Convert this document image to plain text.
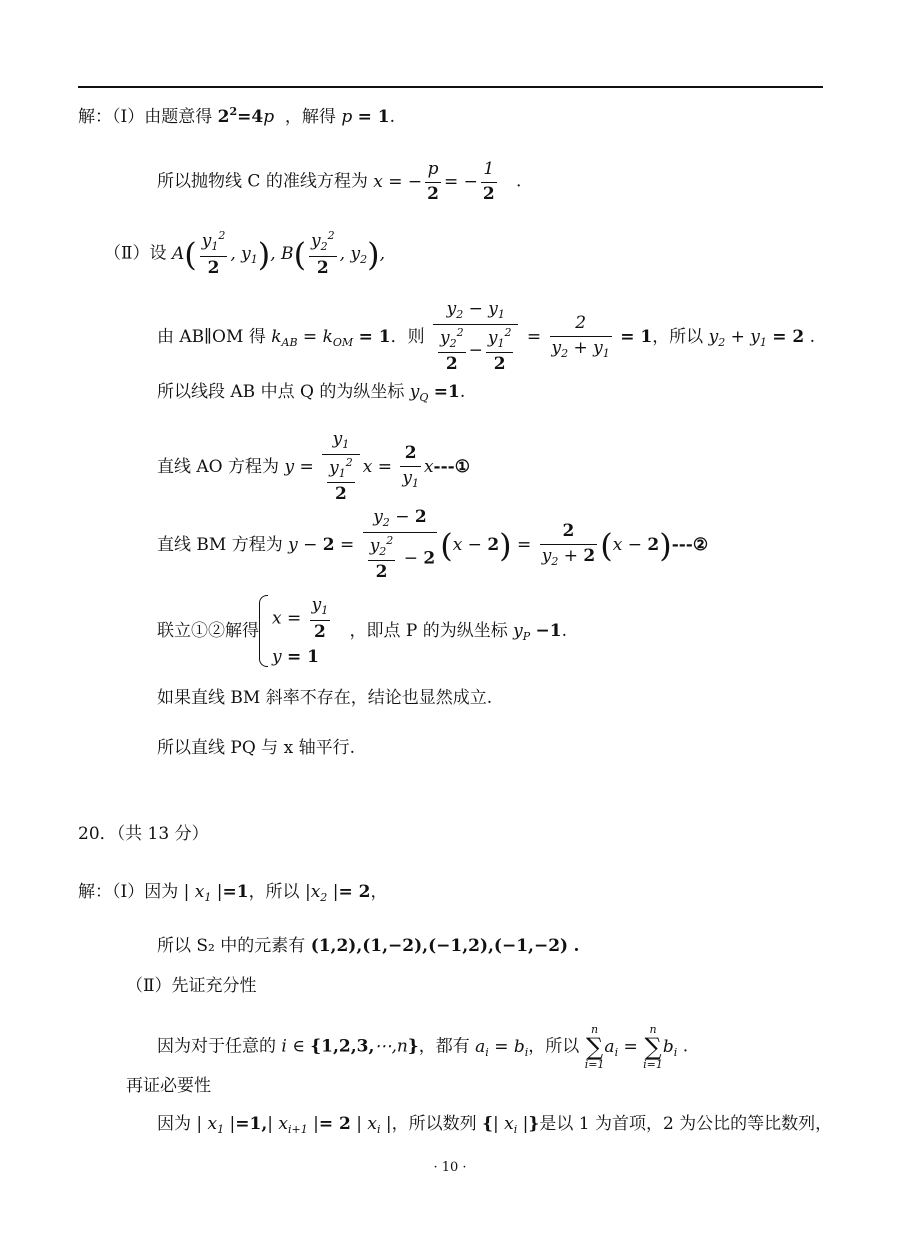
解：（Ⅰ）由题意得 $2^2=4p$ ，解得 p = 1.
所以抛物线 C 的准线方程为 x = − $\frac{p}{2}$ = − $\frac{1}{2}$ .
（Ⅱ）设 $A( \frac{y_1^2}{2}$ , $y_1$), $B( \frac{y_2^2}{2}$ , $y_2$),
由 AB∥OM 得 $k_{AB} = k_{OM} = 1$．则 $\frac{y_2 - y_1}{\frac{y_2^2}{2} - \frac{y_1^2}{2}} = \frac{2}{y_2 + y_1} = 1$，所以 $y_2 + y_1 = 2$ .
所以线段 AB 中点 Q 的为纵坐标 $y_Q =1$.
直线 AO 方程为 $y = \frac{y_1}{\frac{y_1^2}{2}}$ $x = \frac{2}{y_1}$ x---①
直线 BM 方程为 $y - 2 = \frac{y_2 - 2}{\frac{y_2^2}{2} - 2} (x - 2) = \frac{2}{y_2 + 2} (x$ − 2)---②
联立①②解得
$x = \frac{y_1}{2}$
y = 1
，即点 P 的为纵坐标 $y_P -1$.
如果直线 BM 斜率不存在，结论也显然成立.
所以直线 PQ 与 x 轴平行.
20．（共 13 分）
解：（Ⅰ）因为 | $x_1$ |=1，所以 $|x_2$ |= 2，
所以 S₂ 中的元素有 (1,2),(1,−2),(−1,2),(−1,−2) .
（Ⅱ）先证充分性
因为对于任意的 i ∈ {1,2,3,⋯,n}，都有 $a_i = b_i$，所以 n
∑
$i=1a_i = n$
∑
$i=1b_i$ .
再证必要性
因为 | $x_1$ |=1,| $x_{i+1}$ |= 2 | $x_i$ |，所以数列 {| $x_i$ |}是以 1 为首项，2 为公比的等比数列，
· 10 ·
